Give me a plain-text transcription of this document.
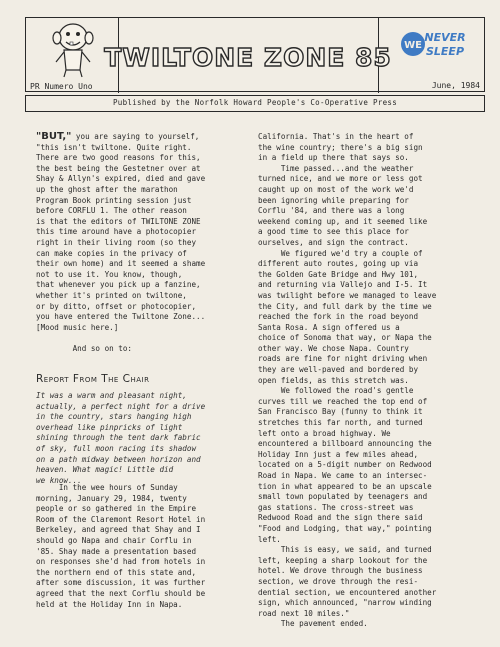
PR Numero Uno
TWILTONE ZONE 85 WE
NEVER
SLEEP
June, 1984
Published by the Norfolk Howard People's Co-Operative Press
"BUT," you are saying to yourself,
"this isn't twiltone. Quite right.
There are two good reasons for this,
the best being the Gestetner over at
Shay & Allyn's expired, died and gave
up the ghost after the marathon
Program Book printing session just
before CORFLU 1. The other reason
is that the editors of TWILTONE ZONE
this time around have a photocopier
right in their living room (so they
can make copies in the privacy of
their own home) and it seemed a shame
not to use it. You know, though,
that whenever you pick up a fanzine,
whether it's printed on twiltone,
or by ditto, offset or photocopier,
you have entered the Twiltone Zone...
[Mood music here.]
And so on to:
Report From The Chair
It was a warm and pleasant night,
actually, a perfect night for a drive
in the country, stars hanging high
overhead like pinpricks of light
shining through the tent dark fabric
of sky, full moon racing its shadow
on a path midway between horizon and
heaven. What magic! Little did
we know...
In the wee hours of Sunday
morning, January 29, 1984, twenty
people or so gathered in the Empire
Room of the Claremont Resort Hotel in
Berkeley, and agreed that Shay and I
should go Napa and chair Corflu in
'85. Shay made a presentation based
on responses she'd had from hotels in
the northern end of this state and,
after some discussion, it was further
agreed that the next Corflu should be
held at the Holiday Inn in Napa.
California. That's in the heart of
the wine country; there's a big sign
in a field up there that says so.
Time passed...and the weather
turned nice, and we more or less got
caught up on most of the work we'd
been ignoring while preparing for
Corflu '84, and there was a long
weekend coming up, and it seemed like
a good time to see this place for
ourselves, and sign the contract.
We figured we'd try a couple of
different auto routes, going up via
the Golden Gate Bridge and Hwy 101,
and returning via Vallejo and I-5. It
was twilight before we managed to leave
the City, and full dark by the time we
reached the fork in the road beyond
Santa Rosa. A sign offered us a
choice of Sonoma that way, or Napa the
other way. We chose Napa. Country
roads are fine for night driving when
they are well-paved and bordered by
open fields, as this stretch was.
We followed the road's gentle
curves till we reached the top end of
San Francisco Bay (funny to think it
stretches this far north, and turned
left onto a broad highway. We
encountered a billboard announcing the
Holiday Inn just a few miles ahead,
located on a 5-digit number on Redwood
Road in Napa. We came to an intersec-
tion in what appeared to be an upscale
small town populated by teenagers and
gas stations. The cross-street was
Redwood Road and the sign there said
"Food and Lodging, that way," pointing
left.
This is easy, we said, and turned
left, keeping a sharp lookout for the
hotel. We drove through the business
section, we drove through the resi-
dential section, we encountered another
sign, which announced, "narrow winding
road next 10 miles."
The pavement ended.
